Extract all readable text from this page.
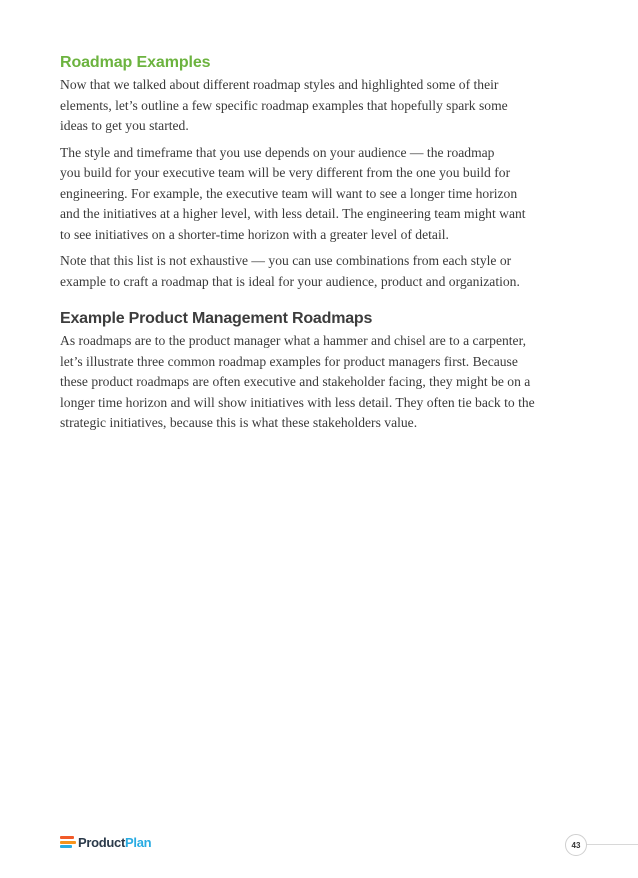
Roadmap Examples

Now that we talked about different roadmap styles and highlighted some of their
elements, let’s outline a few specific roadmap examples that hopefully spark some
ideas to get you started.

The style and timeframe that you use depends on your audience — the roadmap
you build for your executive team will be very different from the one you build for
engineering. For example, the executive team will want to see a longer time horizon
and the initiatives at a higher level, with less detail. The engineering team might want
to see initiatives on a shorter-time horizon with a greater level of detail.

Note that this list is not exhaustive — you can use combinations from each style or
example to craft a roadmap that is ideal for your audience, product and organization.

Example Product Management Roadmaps

As roadmaps are to the product manager what a hammer and chisel are to a carpenter,
let’s illustrate three common roadmap examples for product managers first. Because
these product roadmaps are often executive and stakeholder facing, they might be on a
longer time horizon and will show initiatives with less detail. They often tie back to the
strategic initiatives, because this is what these stakeholders value.

ProductPlan	43
